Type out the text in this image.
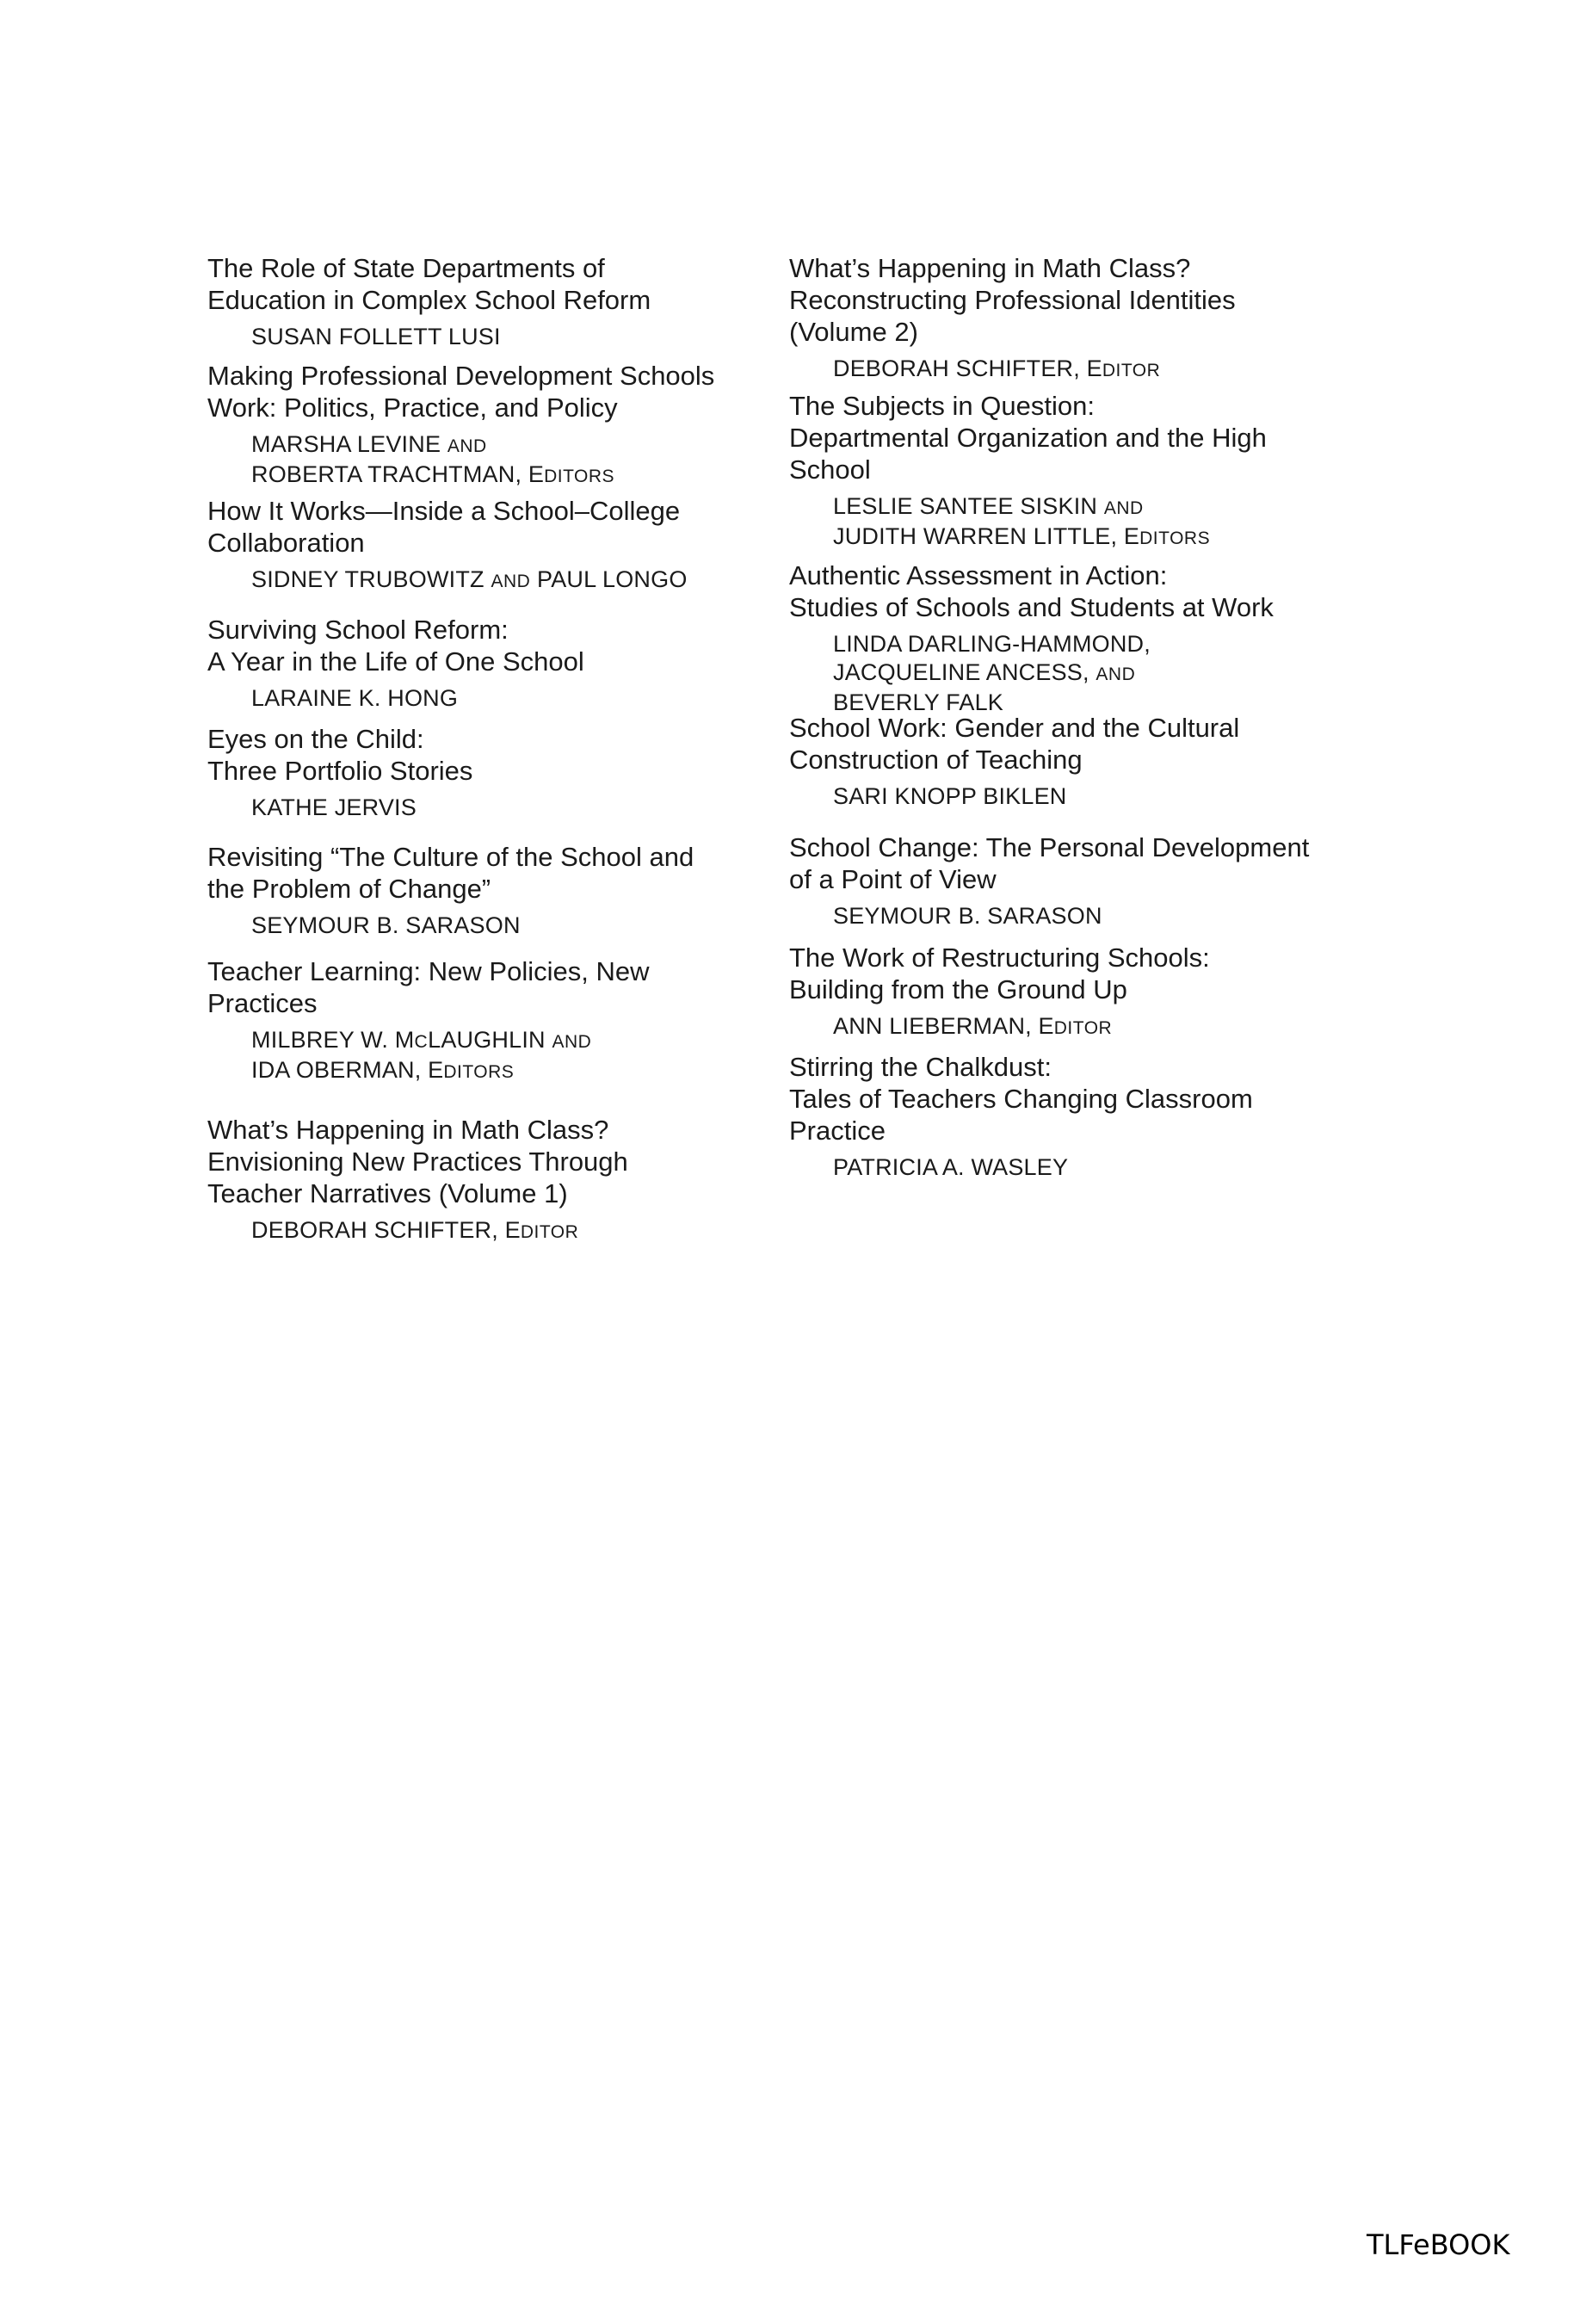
The Role of State Departments of
Education in Complex School Reform

SUSAN FOLLETT LUSI

Making Professional Development Schools
Work: Politics, Practice, and Policy

MARSHA LEVINE AND
ROBERTA TRACHTMAN, EDITORS

How It Works—Inside a School–College
Collaboration

SIDNEY TRUBOWITZ AND PAUL LONGO

Surviving School Reform:
A Year in the Life of One School

LARAINE K. HONG

Eyes on the Child:
Three Portfolio Stories

KATHE JERVIS

Revisiting “The Culture of the School and
the Problem of Change”

SEYMOUR B. SARASON

Teacher Learning: New Policies, New
Practices

MILBREY W. MCLAUGHLIN AND
IDA OBERMAN, EDITORS

What’s Happening in Math Class?
Envisioning New Practices Through
Teacher Narratives (Volume 1)

DEBORAH SCHIFTER, EDITOR

What’s Happening in Math Class?
Reconstructing Professional Identities
(Volume 2)

DEBORAH SCHIFTER, EDITOR

The Subjects in Question:
Departmental Organization and the High
School

LESLIE SANTEE SISKIN AND
JUDITH WARREN LITTLE, EDITORS

Authentic Assessment in Action:
Studies of Schools and Students at Work

LINDA DARLING-HAMMOND,
JACQUELINE ANCESS, AND
BEVERLY FALK

School Work: Gender and the Cultural
Construction of Teaching

SARI KNOPP BIKLEN

School Change: The Personal Development
of a Point of View

SEYMOUR B. SARASON

The Work of Restructuring Schools:
Building from the Ground Up

ANN LIEBERMAN, EDITOR

Stirring the Chalkdust:
Tales of Teachers Changing Classroom
Practice

PATRICIA A. WASLEY

TLFeBOOK
